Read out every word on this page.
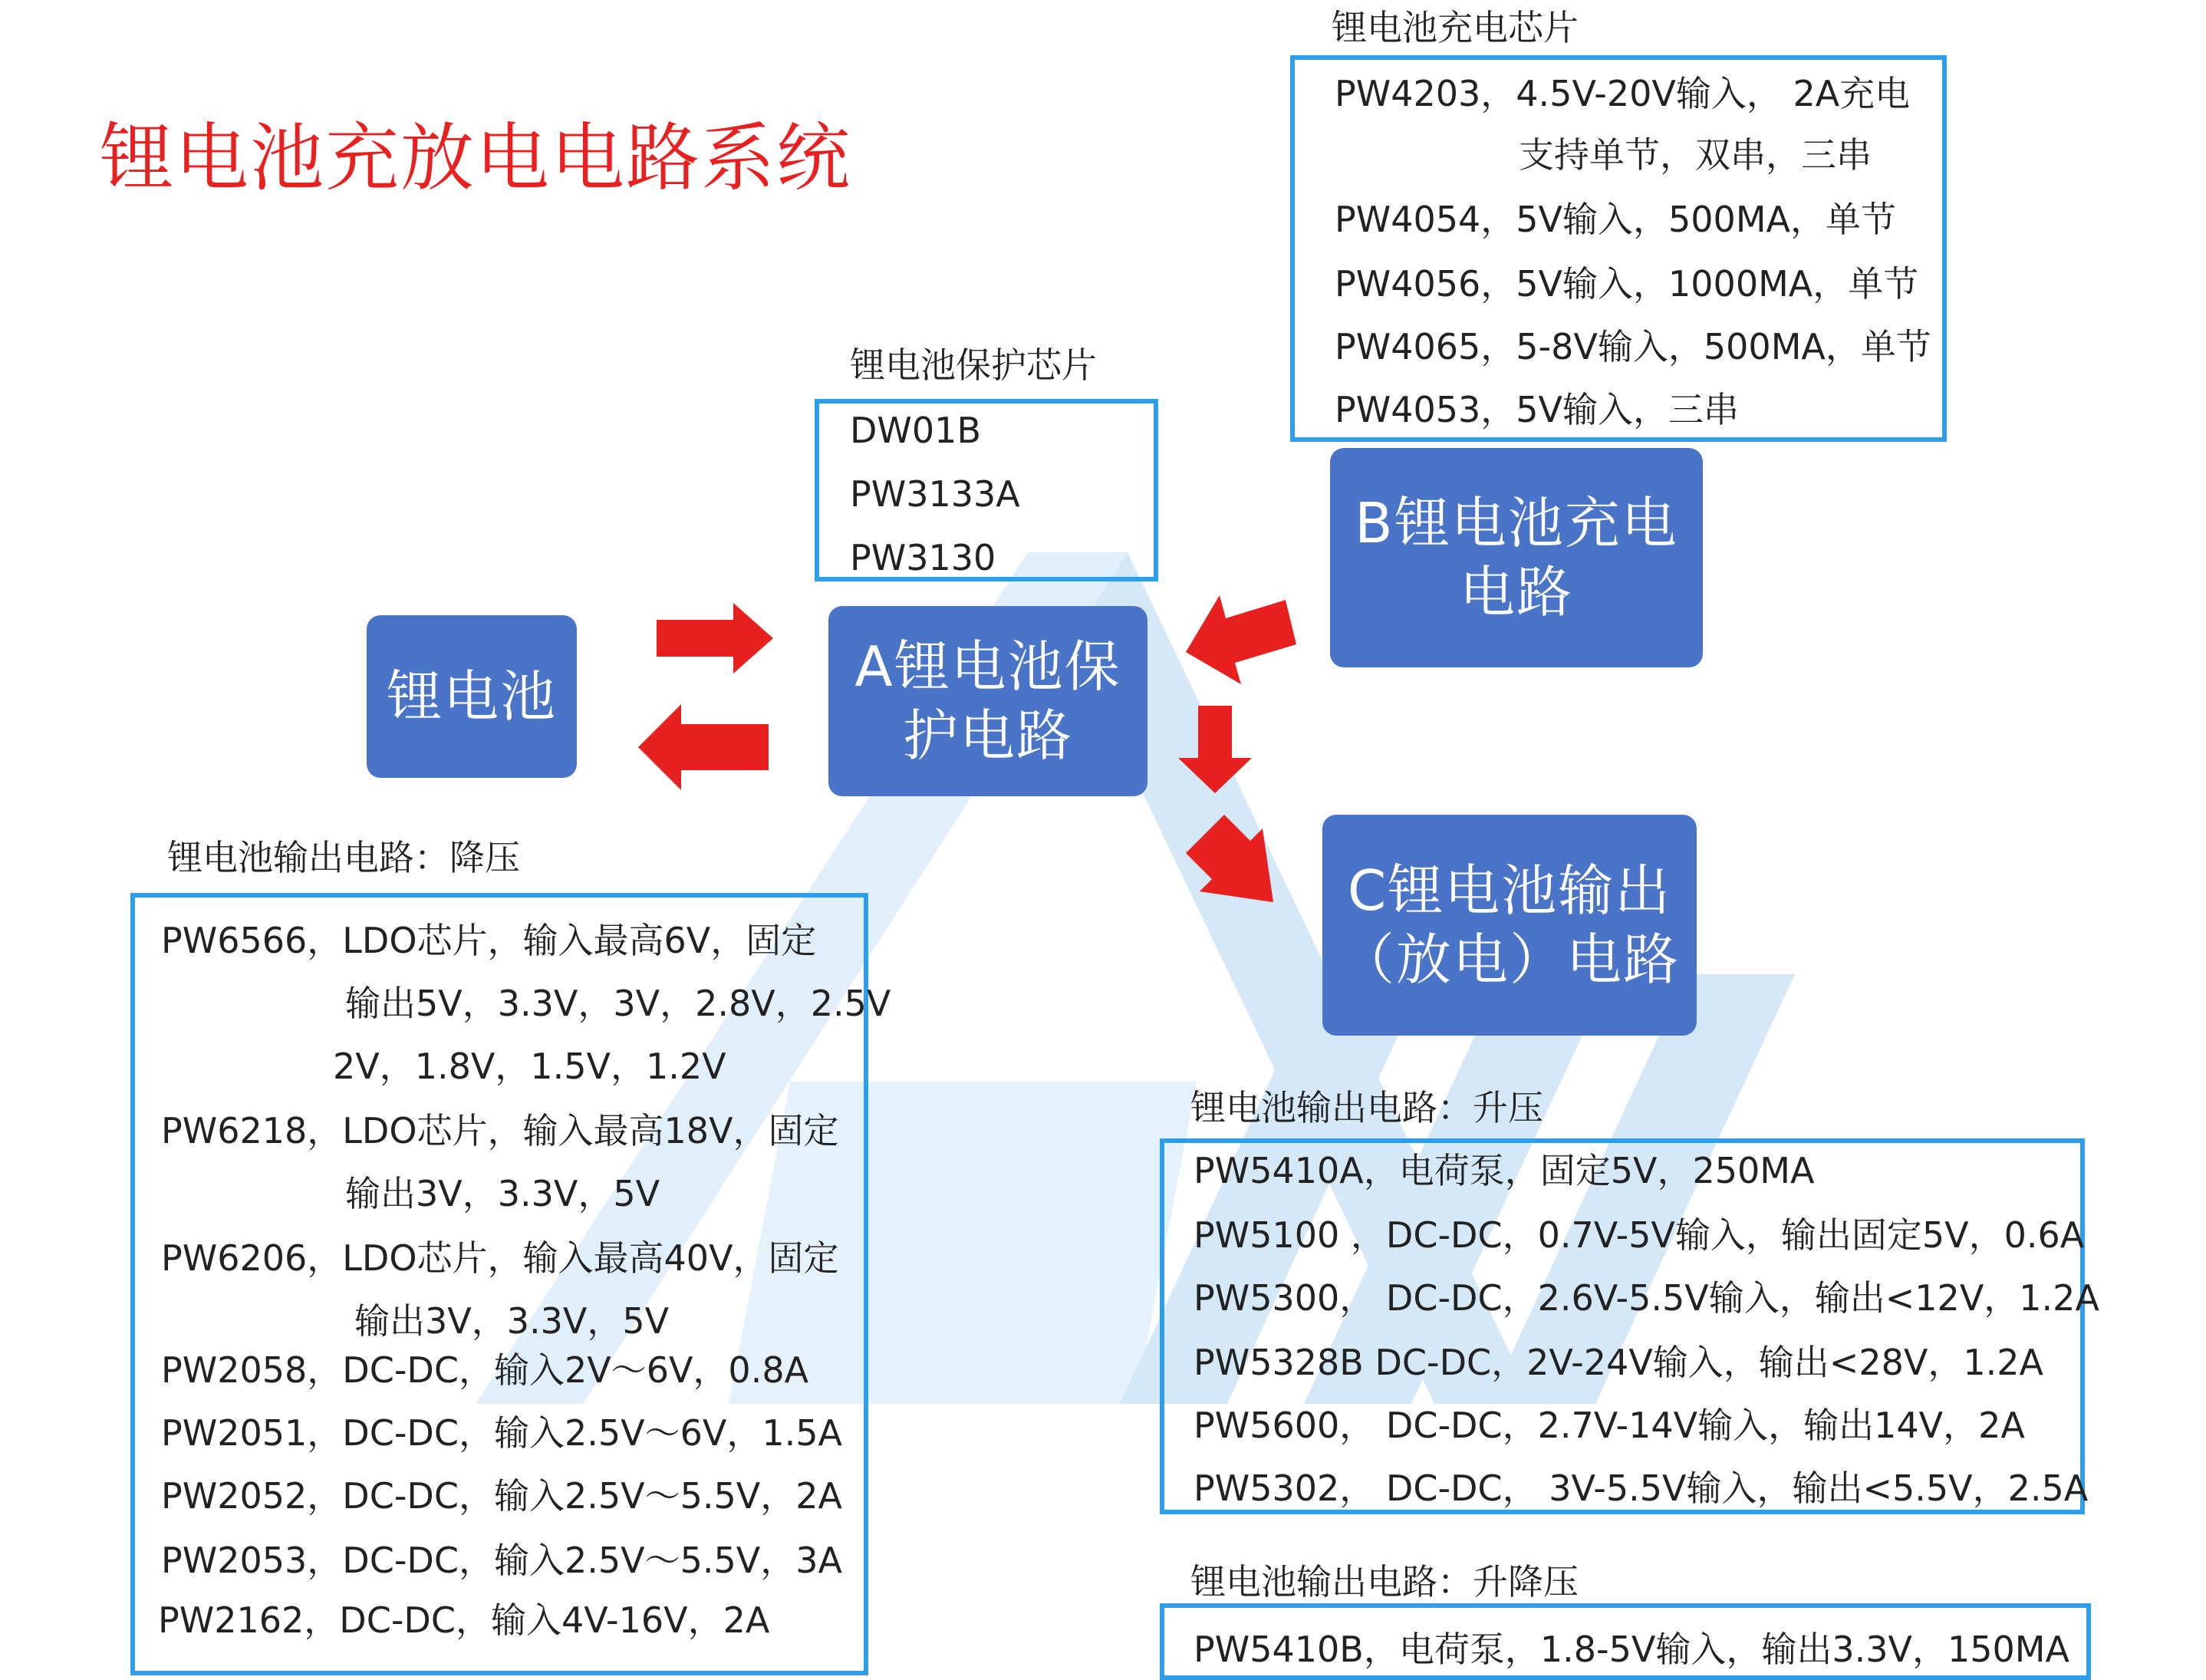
锂电池充放电电路系统
锂电池保护芯片
DW01B
PW3133A
PW3130
锂电池充电芯片
PW4203，4.5V-20V输入， 2A充电
支持单节，双串，三串
PW4054，5V输入，500MA，单节
PW4056，5V输入，1000MA，单节
PW4065，5-8V输入，500MA，单节
PW4053，5V输入，三串
锂电池	A锂电池保
护电路
B锂电池充电
电路
C锂电池输出
（放电）电路
锂电池输出电路：降压
PW6566，LDO芯片，输入最高6V，固定
输出5V，3.3V，3V，2.8V，2.5V
2V，1.8V，1.5V，1.2V
PW6218，LDO芯片，输入最高18V，固定
输出3V，3.3V，5V
PW6206，LDO芯片，输入最高40V，固定
输出3V，3.3V，5V
PW2058，DC-DC，输入2V～6V，0.8A
PW2051，DC-DC，输入2.5V～6V，1.5A
PW2052，DC-DC，输入2.5V～5.5V，2A
PW2053，DC-DC，输入2.5V～5.5V，3A
PW2162，DC-DC，输入4V-16V，2A
锂电池输出电路：升压
PW5410A，电荷泵，固定5V，250MA
PW5100 ，DC-DC，0.7V-5V输入，输出固定5V，0.6A
PW5300， DC-DC，2.6V-5.5V输入，输出<12V，1.2A
PW5328B DC-DC，2V-24V输入，输出<28V，1.2A
PW5600， DC-DC，2.7V-14V输入，输出14V，2A
PW5302， DC-DC， 3V-5.5V输入，输出<5.5V，2.5A
锂电池输出电路：升降压
PW5410B，电荷泵，1.8-5V输入，输出3.3V，150MA
